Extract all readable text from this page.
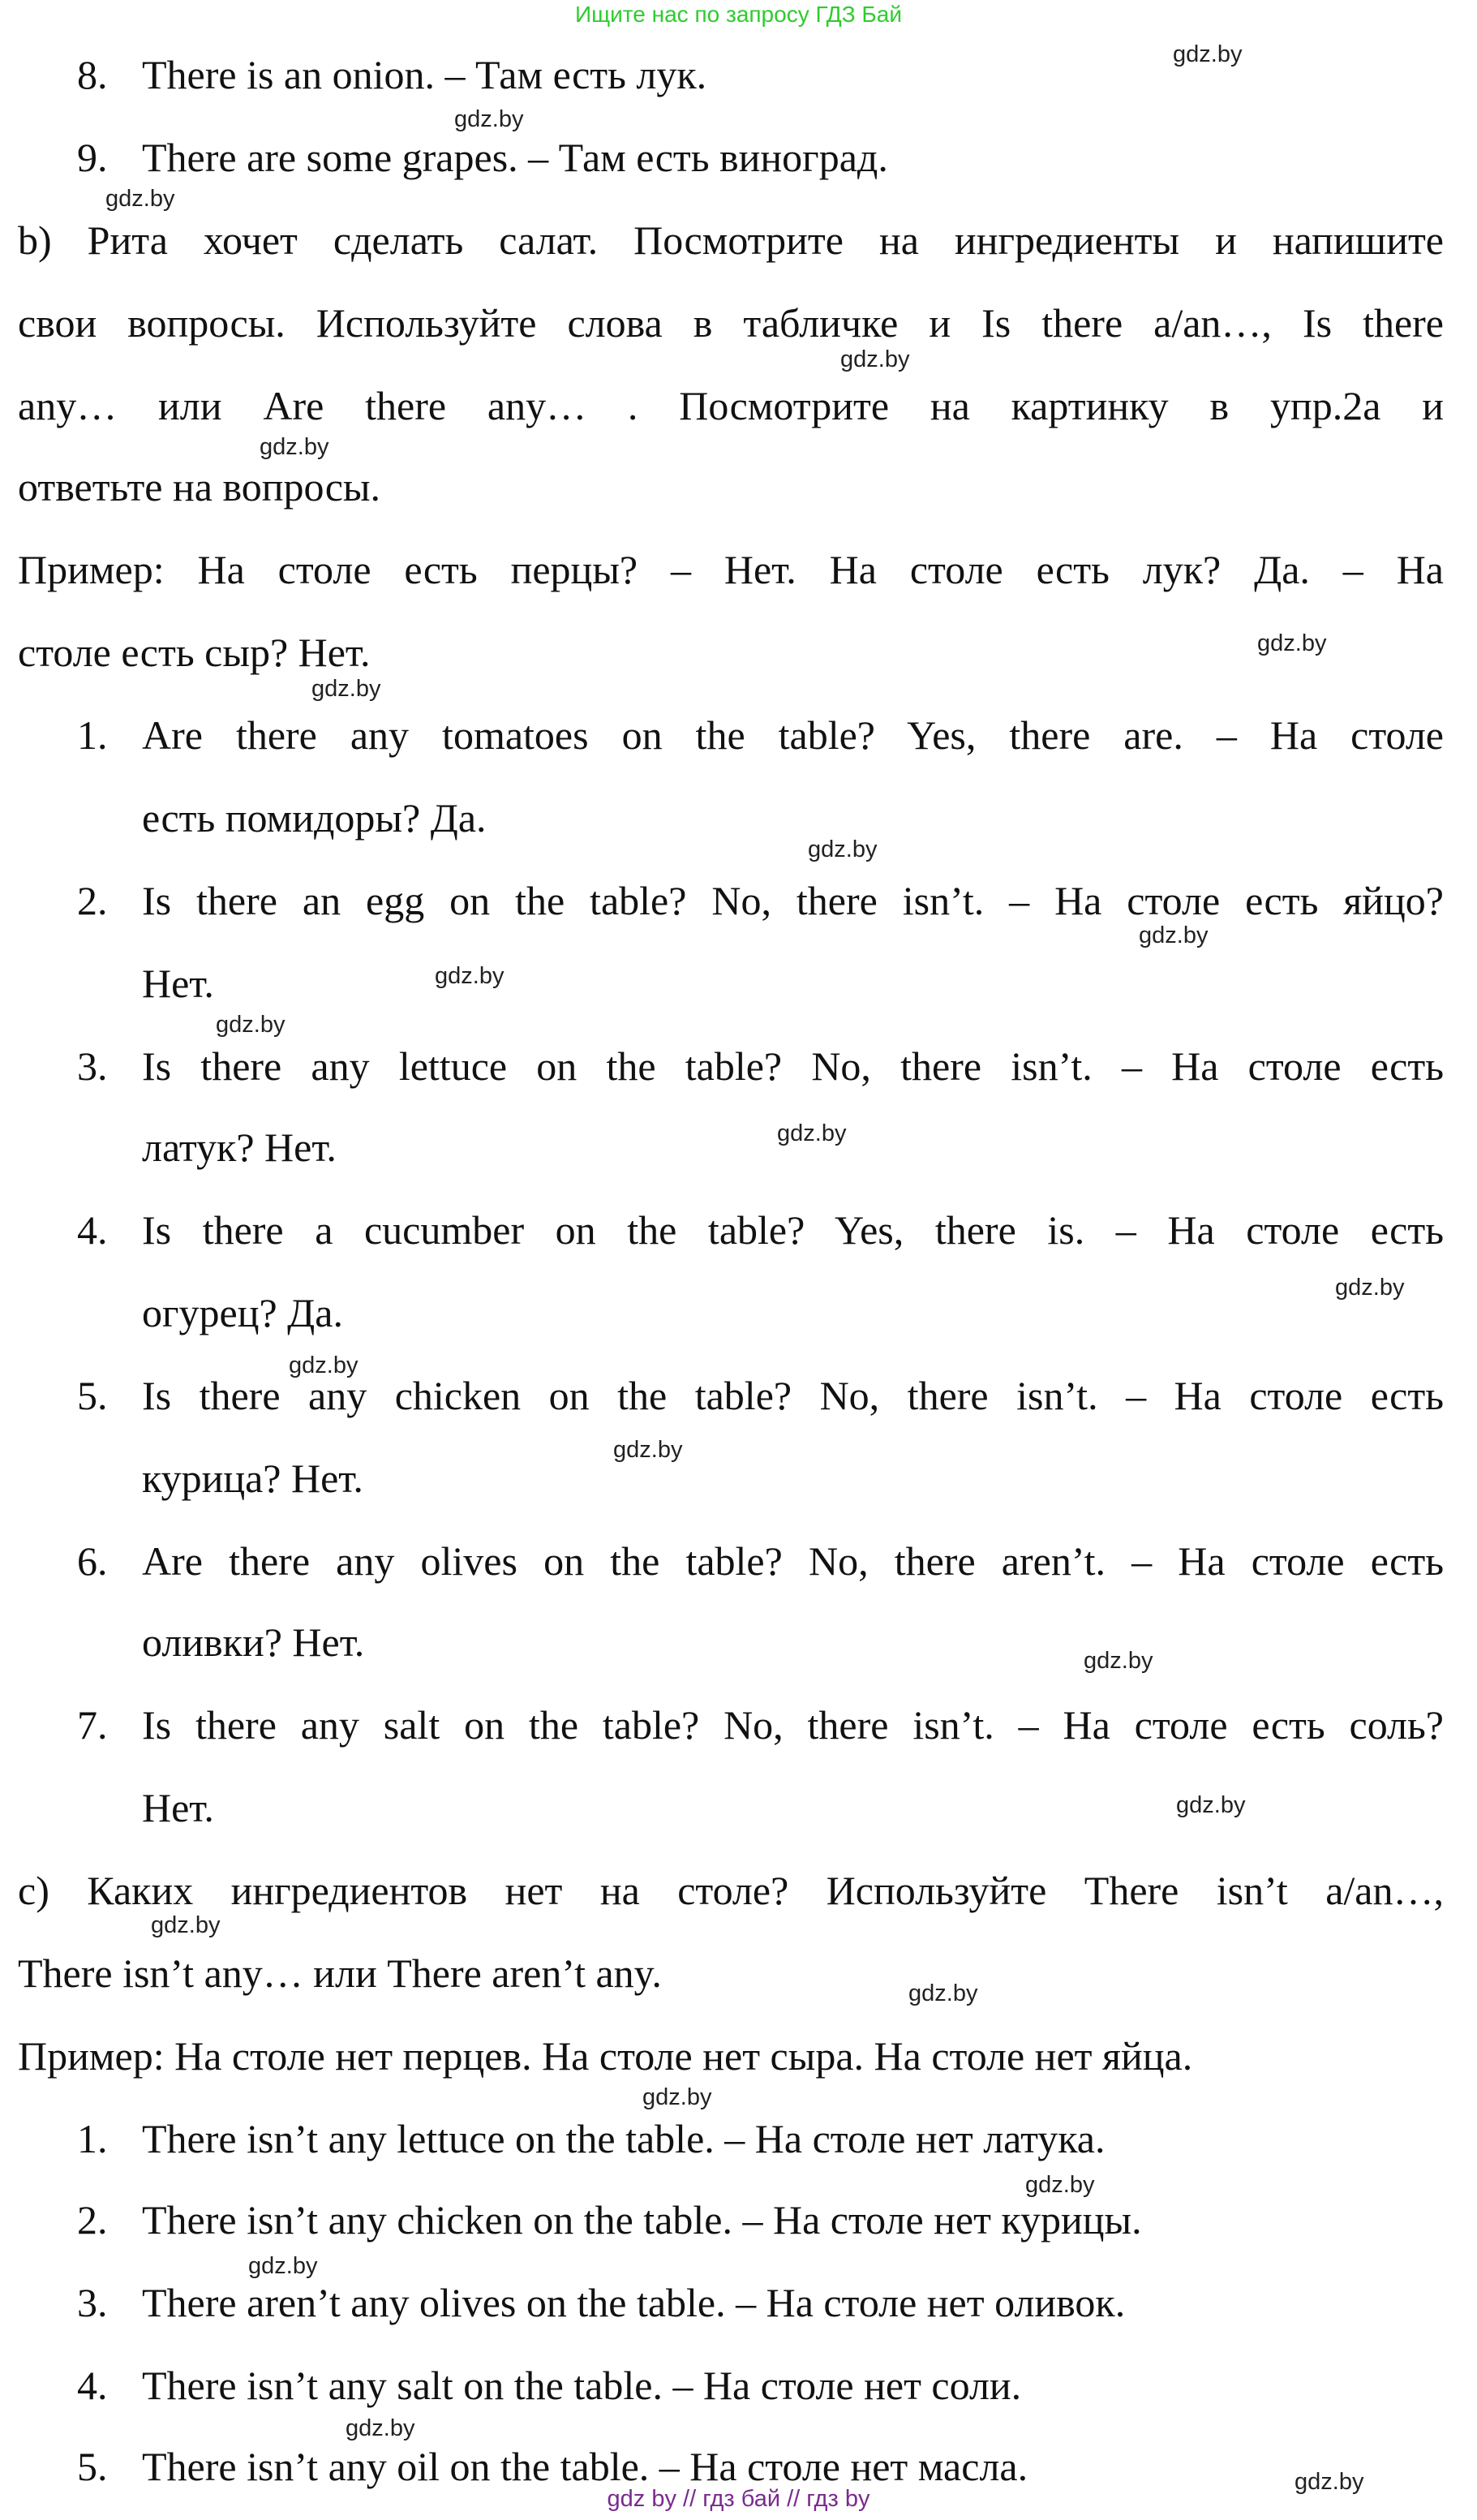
Ищите нас по запросу ГДЗ Бай
8. There is an onion. – Там есть лук.
9. There are some grapes. – Там есть виноград.
b) Рита хочет сделать салат. Посмотрите на ингредиенты и напишите
свои вопросы. Используйте слова в табличке и Is there a/an…, Is there
any… или Are there any… . Посмотрите на картинку в упр.2a и
ответьте на вопросы.
Пример: На столе есть перцы? – Нет. На столе есть лук? Да. – На
столе есть сыр? Нет.
1. Are there any tomatoes on the table? Yes, there are. – На столе
есть помидоры? Да.
2. Is there an egg on the table? No, there isn’t. – На столе есть яйцо?
Нет.
3. Is there any lettuce on the table? No, there isn’t. – На столе есть
латук? Нет.
4. Is there a cucumber on the table? Yes, there is. – На столе есть
огурец? Да.
5. Is there any chicken on the table? No, there isn’t. – На столе есть
курица? Нет.
6. Are there any olives on the table? No, there aren’t. – На столе есть
оливки? Нет.
7. Is there any salt on the table? No, there isn’t. – На столе есть соль?
Нет.
c) Каких ингредиентов нет на столе? Используйте There isn’t a/an…,
There isn’t any… или There aren’t any.
Пример: На столе нет перцев. На столе нет сыра. На столе нет яйца.
1. There isn’t any lettuce on the table. – На столе нет латука.
2. There isn’t any chicken on the table. – На столе нет курицы.
3. There aren’t any olives on the table. – На столе нет оливок.
4. There isn’t any salt on the table. – На столе нет соли.
5. There isn’t any oil on the table. – На столе нет масла.
gdz.by
gdz.by
gdz.by
gdz.by
gdz.by
gdz.by
gdz.by
gdz.by
gdz.by
gdz.by
gdz.by
gdz.by
gdz.by
gdz.by
gdz.by
gdz.by
gdz.by
gdz.by
gdz.by
gdz.by
gdz.by
gdz.by
gdz.by
gdz.by
gdz by // гдз бай // гдз by
